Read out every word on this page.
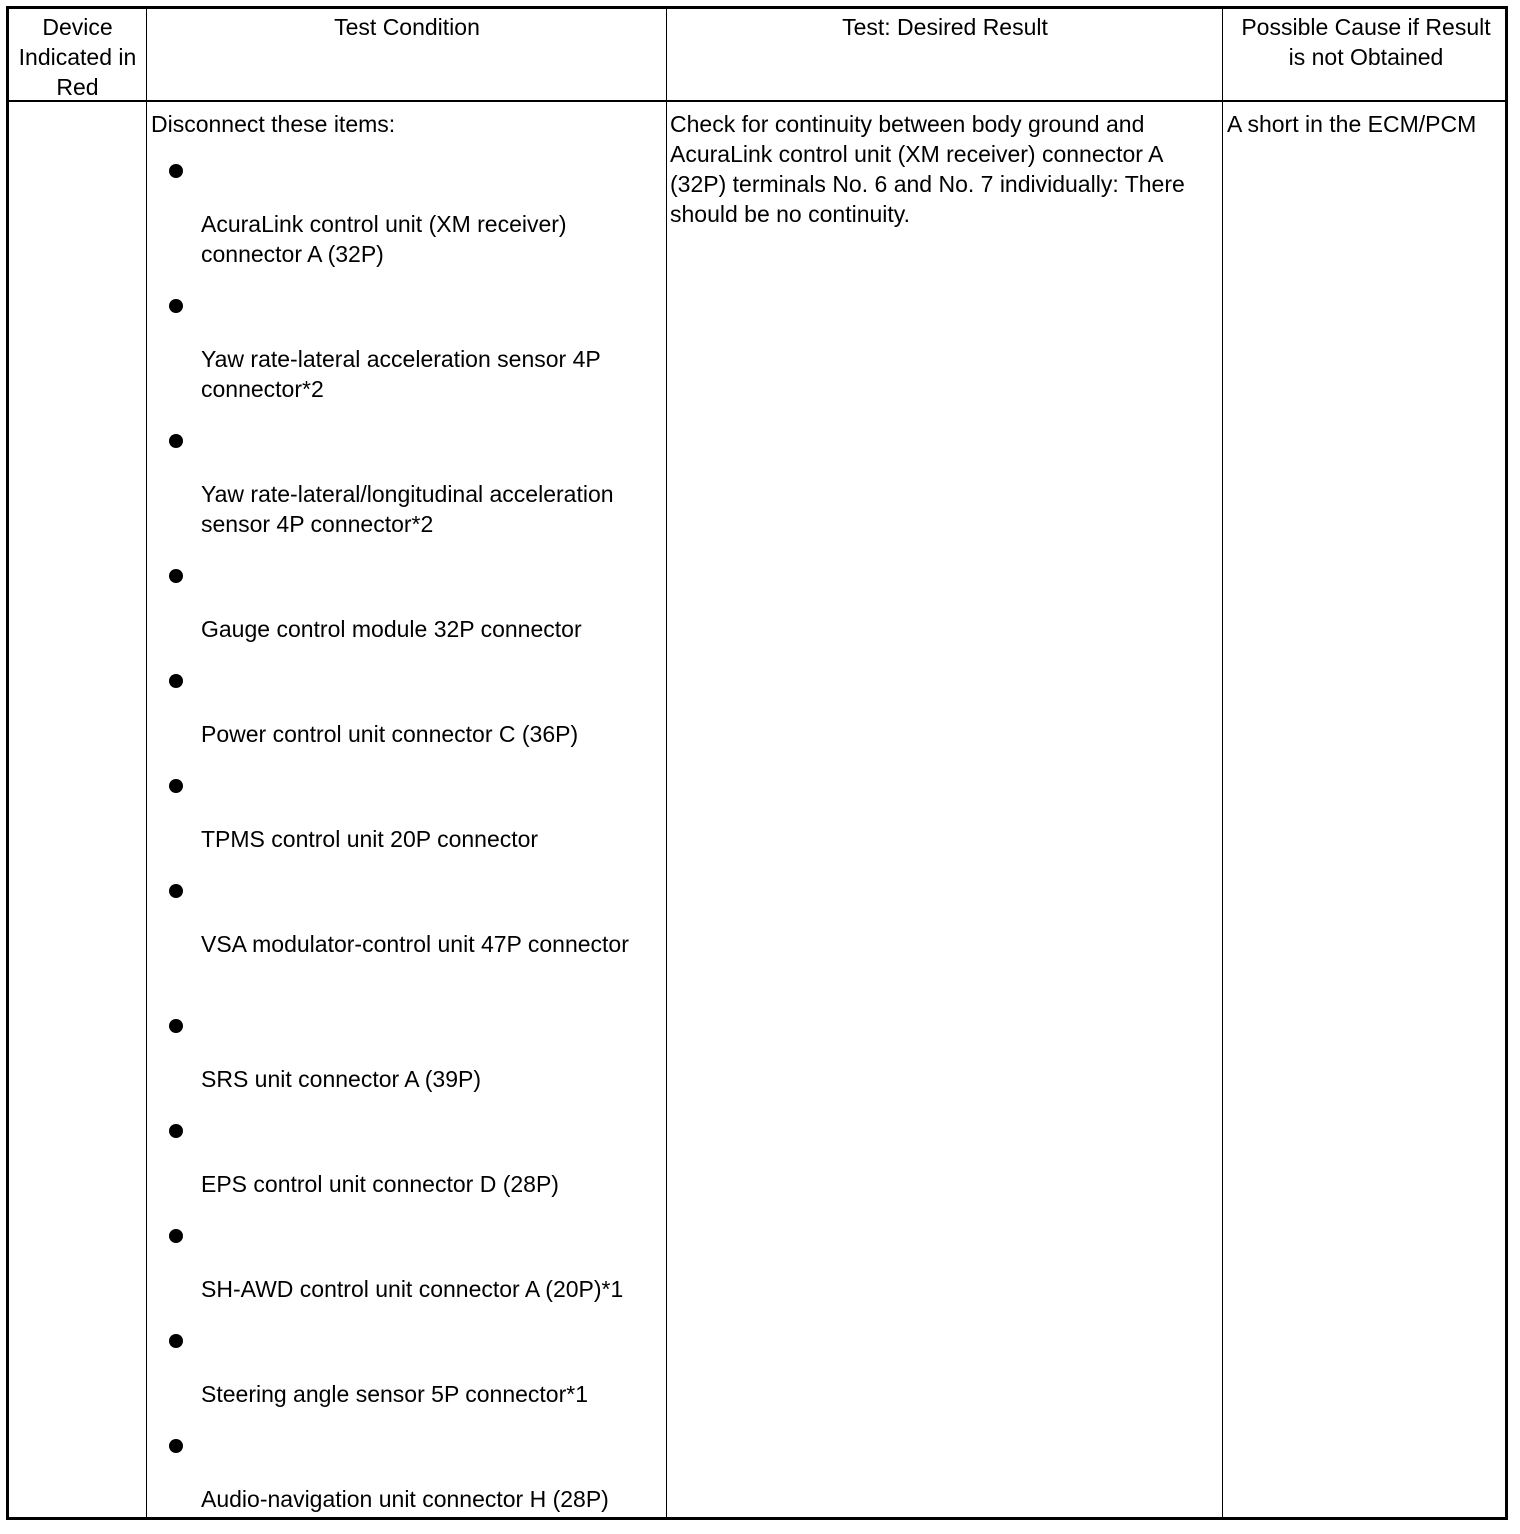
Device
Indicated in
Red
Test Condition	Test: Desired Result	Possible Cause if Result
is not Obtained
Disconnect these items:
AcuraLink control unit (XM receiver) connector A (32P)
Yaw rate-lateral acceleration sensor 4P connector*2
Yaw rate-lateral/longitudinal acceleration sensor 4P connector*2
Gauge control module 32P connector
Power control unit connector C (36P)
TPMS control unit 20P connector
VSA modulator-control unit 47P connector
SRS unit connector A (39P)
EPS control unit connector D (28P)
SH-AWD control unit connector A (20P)*1
Steering angle sensor 5P connector*1
Audio-navigation unit connector H (28P)
Check for continuity between body ground and AcuraLink control unit (XM receiver) connector A (32P) terminals No. 6 and No. 7 individually: There should be no continuity.
A short in the ECM/PCM
